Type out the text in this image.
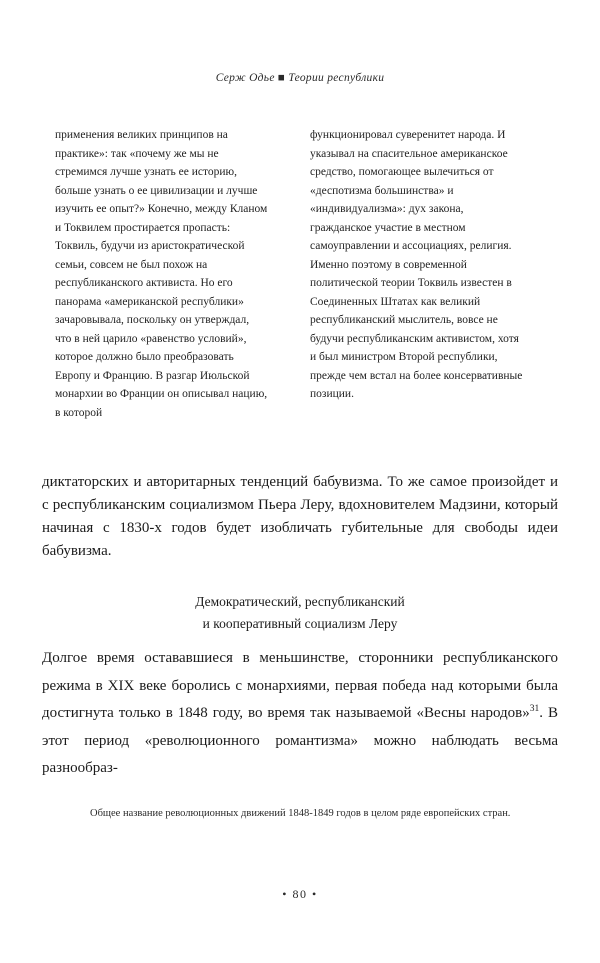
Серж Одье ■ Теории республики
применения великих принципов на практике»: так «почему же мы не стремимся лучше узнать ее историю, больше узнать о ее цивилизации и лучше изучить ее опыт?» Конечно, между Кланом и Токвилем простирается пропасть: Токвиль, будучи из аристократической семьи, совсем не был похож на республиканского активиста. Но его панорама «американской республики» зачаровывала, поскольку он утверждал, что в ней царило «равенство условий», которое должно было преобразовать Европу и Францию. В разгар Июльской монархии во Франции он описывал нацию, в которой
функционировал суверенитет народа. И указывал на спасительное американское средство, помогающее вылечиться от «деспотизма большинства» и «индивидуализма»: дух закона, гражданское участие в местном самоуправлении и ассоциациях, религия. Именно поэтому в современной политической теории Токвиль известен в Соединенных Штатах как великий республиканский мыслитель, вовсе не будучи республиканским активистом, хотя и был министром Второй республики, прежде чем встал на более консервативные позиции.
диктаторских и авторитарных тенденций бабувизма. То же самое произойдет и с республиканским социализмом Пьера Леру, вдохновителем Мадзини, который начиная с 1830-х годов будет изобличать губительные для свободы идеи бабувизма.
Демократический, республиканский
и кооперативный социализм Леру
Долгое время остававшиеся в меньшинстве, сторонники республиканского режима в XIX веке боролись с монархиями, первая победа над которыми была достигнута только в 1848 году, во время так называемой «Весны народов»$^{31}$. В этот период «революционного романтизма» можно наблюдать весьма разнообраз-
Общее название революционных движений 1848-1849 годов в целом ряде европейских стран.
• 80 •
